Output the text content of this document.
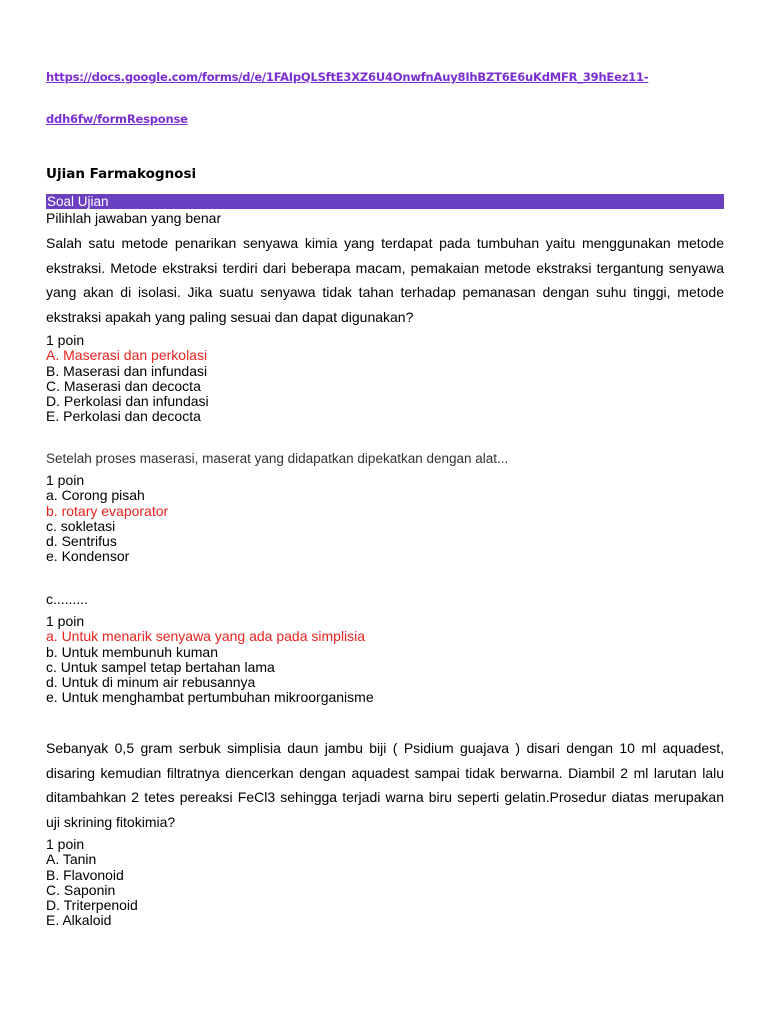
https://docs.google.com/forms/d/e/1FAIpQLSftE3XZ6U4OnwfnAuy8IhBZT6E6uKdMFR_39hEez11-
ddh6fw/formResponse
Ujian Farmakognosi
Soal Ujian
Pilihlah jawaban yang benar
Salah satu metode penarikan senyawa kimia yang terdapat pada tumbuhan yaitu menggunakan metode ekstraksi. Metode ekstraksi terdiri dari beberapa macam, pemakaian metode ekstraksi tergantung senyawa yang akan di isolasi. Jika suatu senyawa tidak tahan terhadap pemanasan dengan suhu tinggi, metode ekstraksi apakah yang paling sesuai dan dapat digunakan?
1 poin
A. Maserasi dan perkolasi
B. Maserasi dan infundasi
C. Maserasi dan decocta
D. Perkolasi dan infundasi
E. Perkolasi dan decocta
Setelah proses maserasi, maserat yang didapatkan dipekatkan dengan alat...
1 poin
a. Corong pisah
b. rotary evaporator
c. sokletasi
d. Sentrifus
e. Kondensor
c.........
1 poin
a. Untuk menarik senyawa yang ada pada simplisia
b. Untuk membunuh kuman
c. Untuk sampel tetap bertahan lama
d. Untuk di minum air rebusannya
e. Untuk menghambat pertumbuhan mikroorganisme
Sebanyak 0,5 gram serbuk simplisia daun jambu biji ( Psidium guajava ) disari dengan 10 ml aquadest, disaring kemudian filtratnya diencerkan dengan aquadest sampai tidak berwarna. Diambil 2 ml larutan lalu ditambahkan 2 tetes pereaksi FeCl3 sehingga terjadi warna biru seperti gelatin.Prosedur diatas merupakan uji skrining fitokimia?
1 poin
A. Tanin
B. Flavonoid
C. Saponin
D. Triterpenoid
E. Alkaloid
